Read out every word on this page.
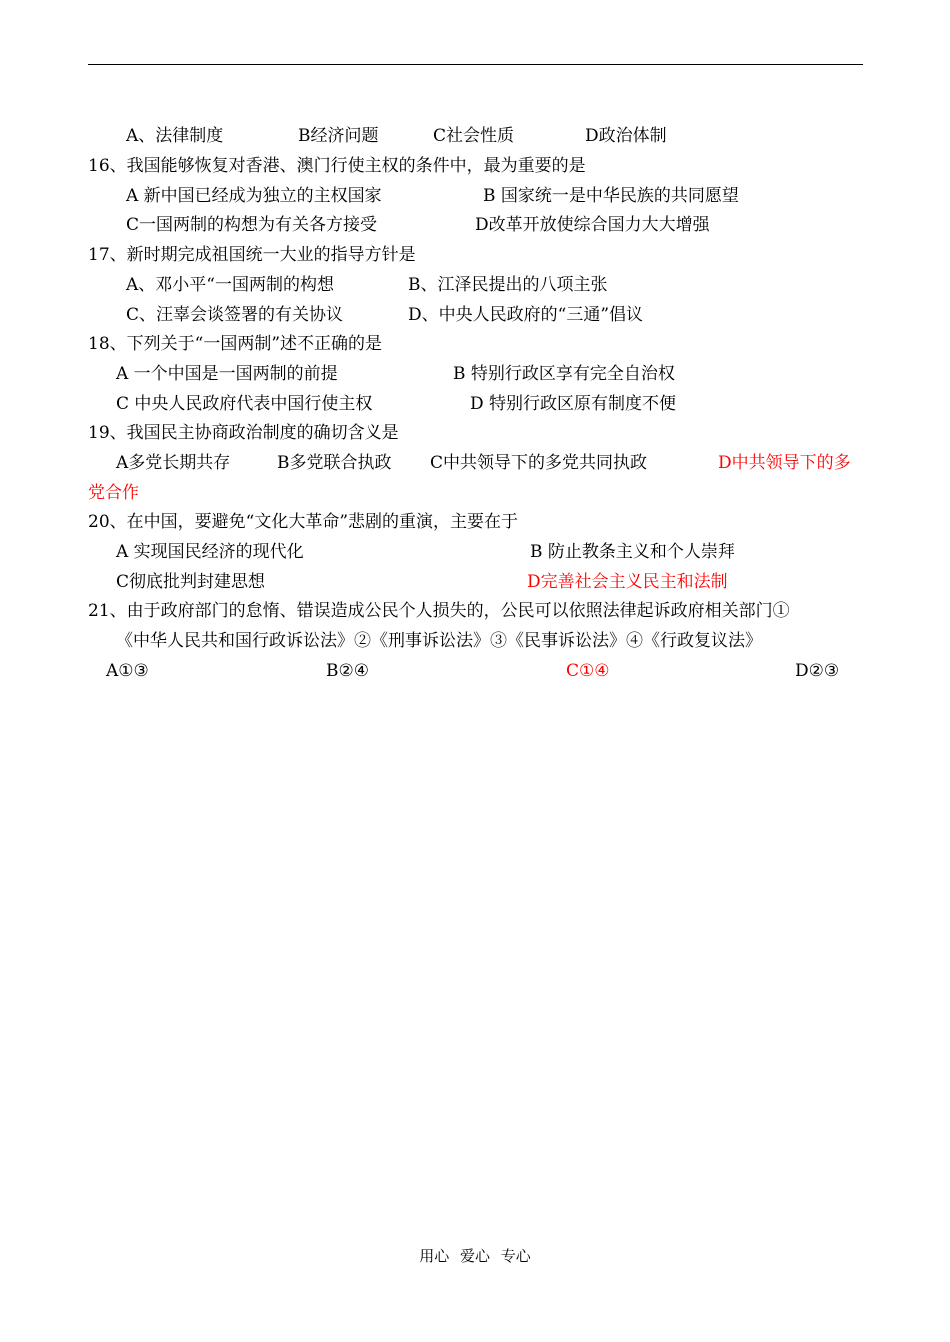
A、法律制度	B经济问题	C社会性质	D政治体制
16、我国能够恢复对香港、澳门行使主权的条件中，最为重要的是
A 新中国已经成为独立的主权国家	B 国家统一是中华民族的共同愿望
C一国两制的构想为有关各方接受	D改革开放使综合国力大大增强
17、新时期完成祖国统一大业的指导方针是
A、邓小平“一国两制的构想	B、江泽民提出的八项主张
C、汪辜会谈签署的有关协议	D、中央人民政府的“三通”倡议
18、下列关于“一国两制”述不正确的是
A 一个中国是一国两制的前提	B 特别行政区享有完全自治权
C 中央人民政府代表中国行使主权	D 特别行政区原有制度不便
19、我国民主协商政治制度的确切含义是
A多党长期共存	B多党联合执政 C中共领导下的多党共同执政	D中共领导下的多
党合作
20、在中国，要避免“文化大革命”悲剧的重演，主要在于
A 实现国民经济的现代化	B 防止教条主义和个人崇拜
C彻底批判封建思想	D完善社会主义民主和法制
21、由于政府部门的怠惰、错误造成公民个人损失的，公民可以依照法律起诉政府相关部门①
《中华人民共和国行政诉讼法》②《刑事诉讼法》③《民事诉讼法》④《行政复议法》
A①③	B②④	C①④	D②③
用心 爱心 专心
